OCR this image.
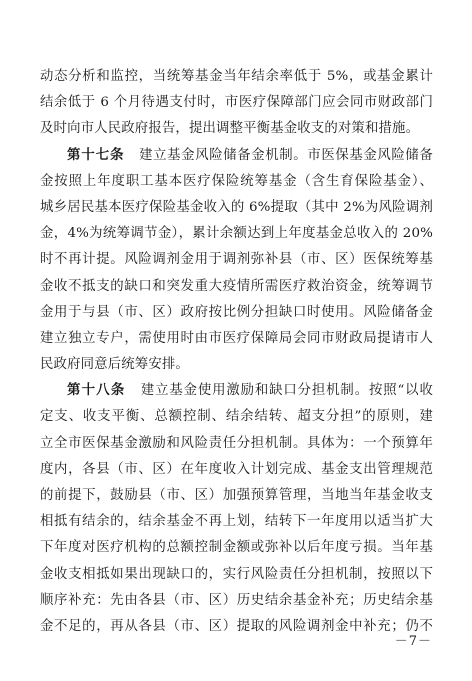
动态分析和监控，当统筹基金当年结余率低于 5%，或基金累计
结余低于 6 个月待遇支付时，市医疗保障部门应会同市财政部门
及时向市人民政府报告，提出调整平衡基金收支的对策和措施。
第十七条 建立基金风险储备金机制。市医保基金风险储备
金按照上年度职工基本医疗保险统筹基金（含生育保险基金）、
城乡居民基本医疗保险基金收入的 6%提取（其中 2%为风险调剂
金，4%为统筹调节金），累计余额达到上年度基金总收入的 20%
时不再计提。风险调剂金用于调剂弥补县（市、区）医保统筹基
金收不抵支的缺口和突发重大疫情所需医疗救治资金，统筹调节
金用于与县（市、区）政府按比例分担缺口时使用。风险储备金
建立独立专户，需使用时由市医疗保障局会同市财政局提请市人
民政府同意后统筹安排。
第十八条 建立基金使用激励和缺口分担机制。按照“以收
定支、收支平衡、总额控制、结余结转、超支分担”的原则，建
立全市医保基金激励和风险责任分担机制。具体为：一个预算年
度内，各县（市、区）在年度收入计划完成、基金支出管理规范
的前提下，鼓励县（市、区）加强预算管理，当地当年基金收支
相抵有结余的，结余基金不再上划，结转下一年度用以适当扩大
下年度对医疗机构的总额控制金额或弥补以后年度亏损。当年基
金收支相抵如果出现缺口的，实行风险责任分担机制，按照以下
顺序补充：先由各县（市、区）历史结余基金补充；历史结余基
金不足的，再从各县（市、区）提取的风险调剂金中补充；仍不
－7－
